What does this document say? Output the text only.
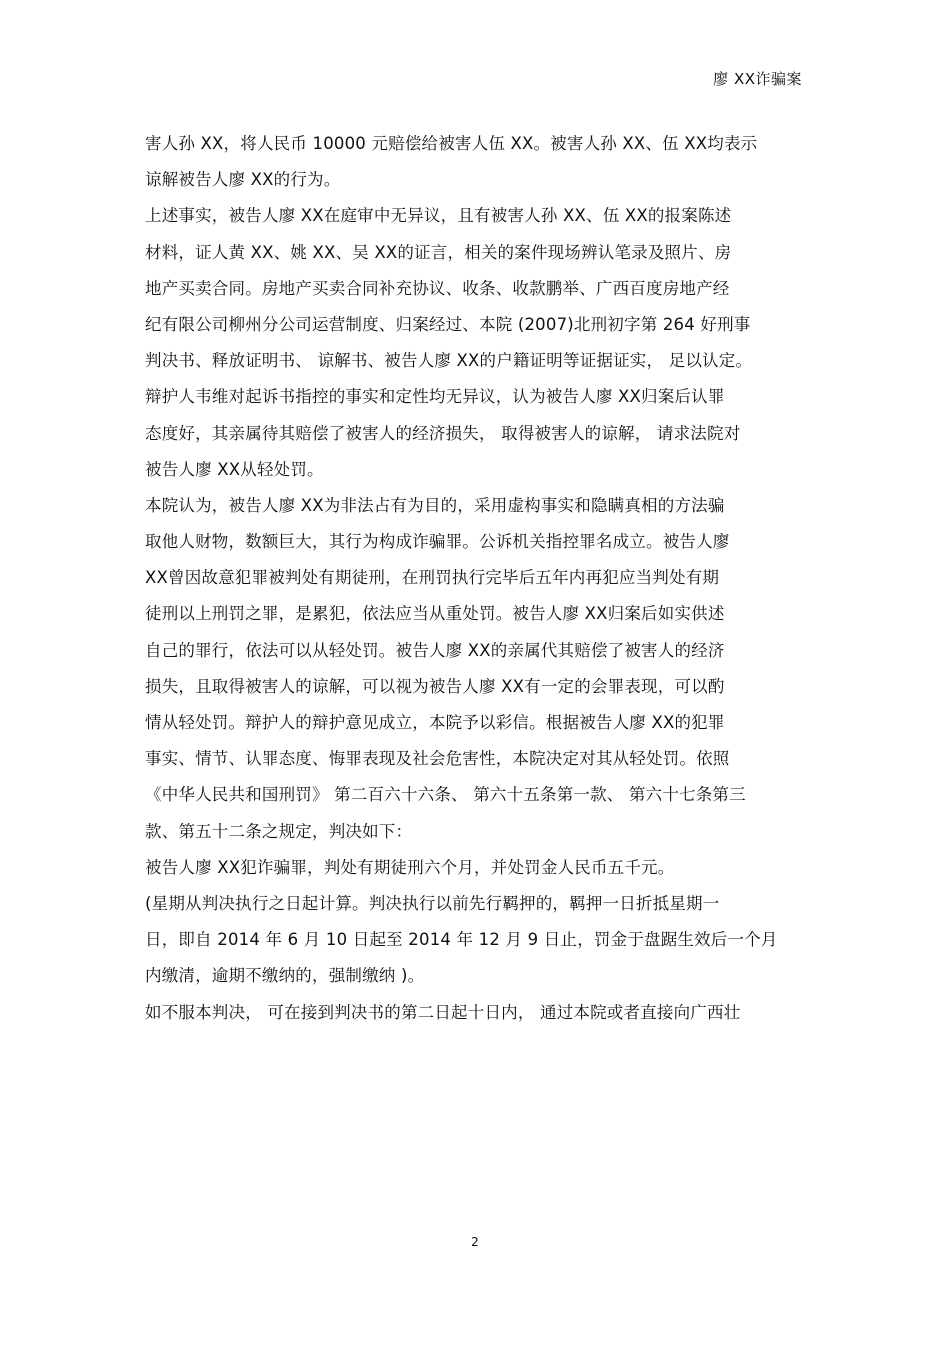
廖 XX诈骗案
害人孙 XX，将人民币 10000 元赔偿给被害人伍 XX。被害人孙 XX、伍 XX均表示
谅解被告人廖 XX的行为。
上述事实，被告人廖 XX在庭审中无异议，且有被害人孙 XX、伍 XX的报案陈述
材料，证人黄 XX、姚 XX、吴 XX的证言，相关的案件现场辨认笔录及照片、房
地产买卖合同。房地产买卖合同补充协议、收条、收款鹏举、广西百度房地产经
纪有限公司柳州分公司运营制度、归案经过、本院 (2007)北刑初字第 264 好刑事
判决书、释放证明书、 谅解书、被告人廖 XX的户籍证明等证据证实， 足以认定。
辩护人韦维对起诉书指控的事实和定性均无异议，认为被告人廖 XX归案后认罪
态度好，其亲属待其赔偿了被害人的经济损失， 取得被害人的谅解， 请求法院对
被告人廖 XX从轻处罚。
本院认为，被告人廖 XX为非法占有为目的，采用虚构事实和隐瞒真相的方法骗
取他人财物，数额巨大，其行为构成诈骗罪。公诉机关指控罪名成立。被告人廖
XX曾因故意犯罪被判处有期徒刑，在刑罚执行完毕后五年内再犯应当判处有期
徒刑以上刑罚之罪，是累犯，依法应当从重处罚。被告人廖 XX归案后如实供述
自己的罪行，依法可以从轻处罚。被告人廖 XX的亲属代其赔偿了被害人的经济
损失，且取得被害人的谅解，可以视为被告人廖 XX有一定的会罪表现，可以酌
情从轻处罚。辩护人的辩护意见成立，本院予以彩信。根据被告人廖 XX的犯罪
事实、情节、认罪态度、悔罪表现及社会危害性，本院决定对其从轻处罚。依照
《中华人民共和国刑罚》 第二百六十六条、 第六十五条第一款、 第六十七条第三
款、第五十二条之规定，判决如下：
被告人廖 XX犯诈骗罪，判处有期徒刑六个月，并处罚金人民币五千元。
(星期从判决执行之日起计算。判决执行以前先行羁押的，羁押一日折抵星期一
日，即自 2014 年 6 月 10 日起至 2014 年 12 月 9 日止，罚金于盘踞生效后一个月
内缴清，逾期不缴纳的，强制缴纳 )。
如不服本判决， 可在接到判决书的第二日起十日内， 通过本院或者直接向广西壮
2
